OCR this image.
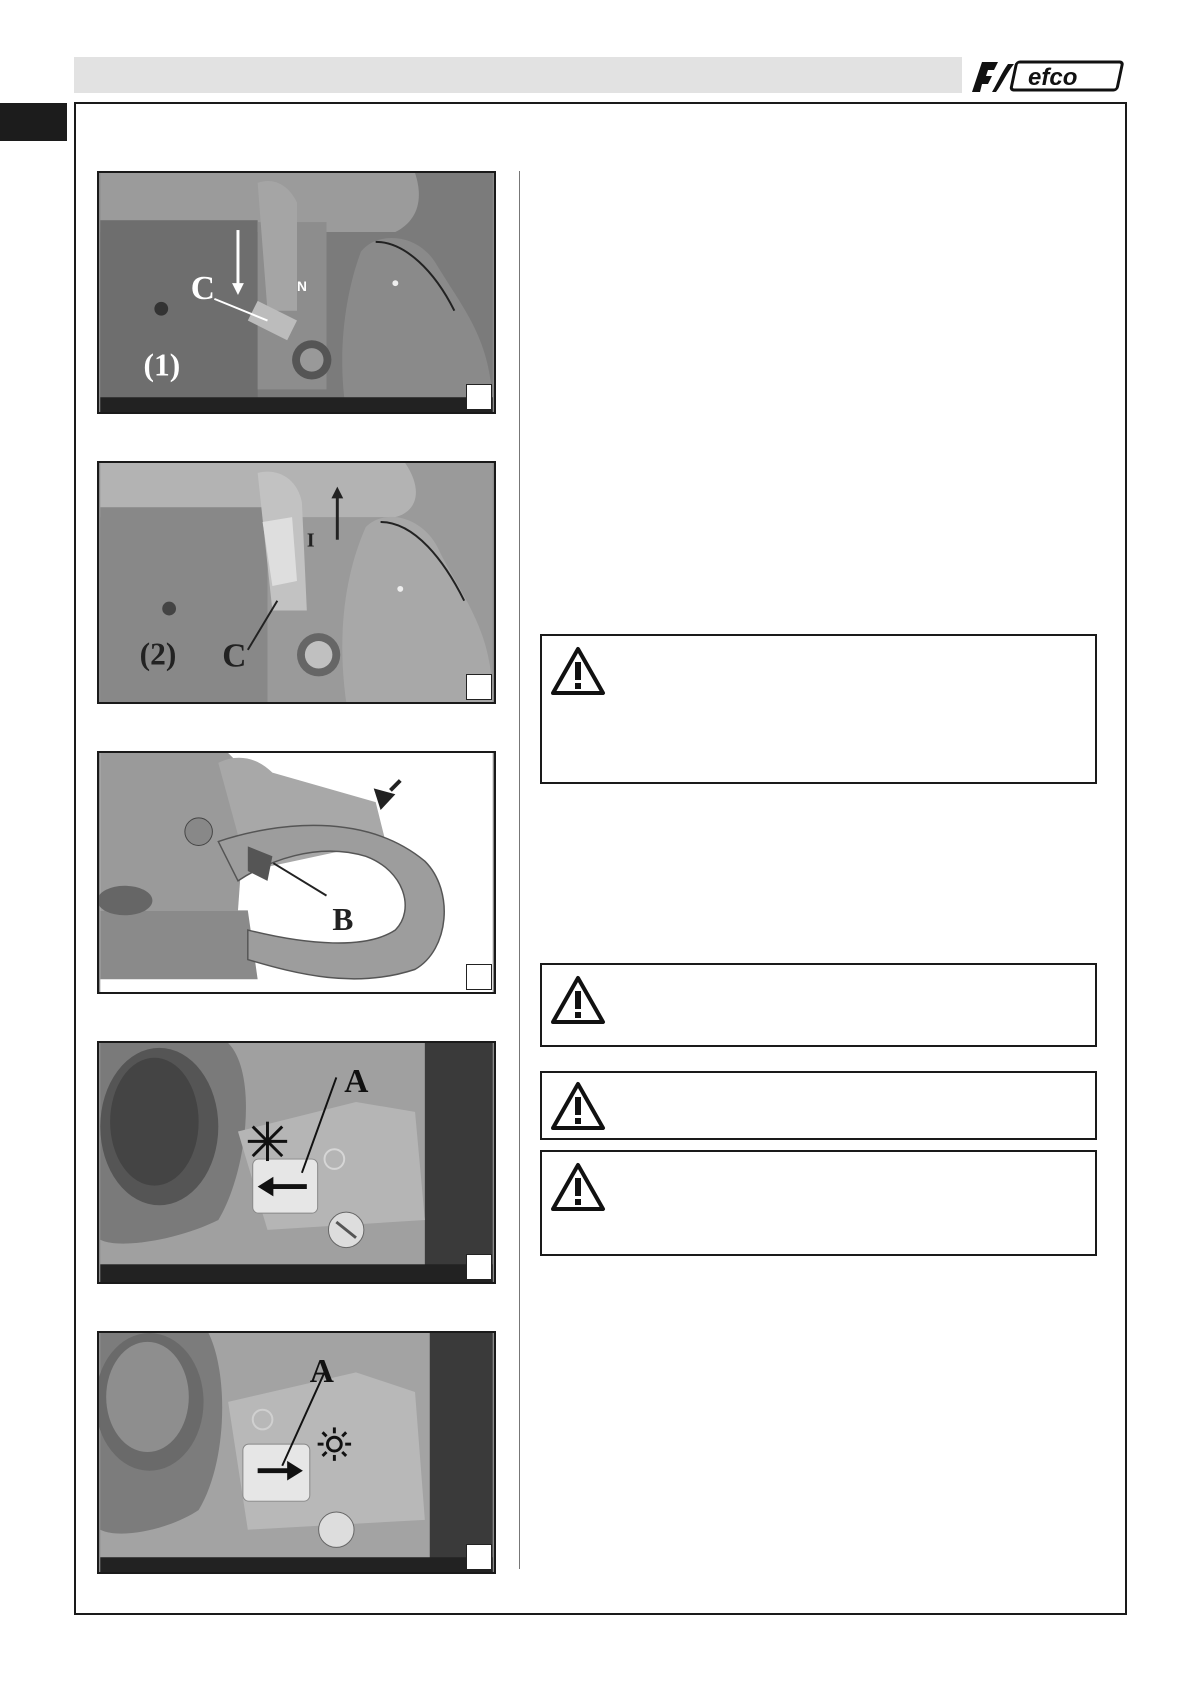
efco
C
(1)
N
I
(2) C
B
A
A
